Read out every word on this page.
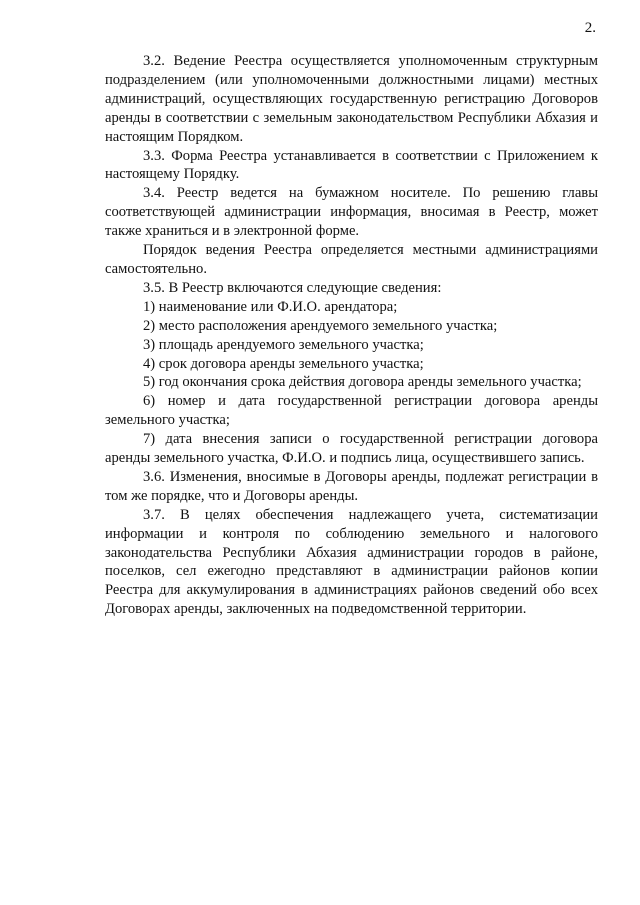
2.

3.2. Ведение Реестра осуществляется уполномоченным структурным подразделением (или уполномоченными должностными лицами) местных администраций, осуществляющих государственную регистрацию Договоров аренды в соответствии с земельным законодательством Республики Абхазия и настоящим Порядком.

3.3. Форма Реестра устанавливается в соответствии с Приложением к настоящему Порядку.

3.4. Реестр ведется на бумажном носителе. По решению главы соответствующей администрации информация, вносимая в Реестр, может также храниться и в электронной форме.

Порядок ведения Реестра определяется местными администрациями самостоятельно.

3.5. В Реестр включаются следующие сведения:

1) наименование или Ф.И.О. арендатора;

2) место расположения арендуемого земельного участка;

3) площадь арендуемого земельного участка;

4) срок договора аренды земельного участка;

5) год окончания срока действия договора аренды земельного участка;

6) номер и дата государственной регистрации договора аренды земельного участка;

7) дата внесения записи о государственной регистрации договора аренды земельного участка, Ф.И.О. и подпись лица, осуществившего запись.

3.6. Изменения, вносимые в Договоры аренды, подлежат регистрации в том же порядке, что и Договоры аренды.

3.7. В целях обеспечения надлежащего учета, систематизации информации и контроля по соблюдению земельного и налогового законодательства Республики Абхазия администрации городов в районе, поселков, сел ежегодно представляют в администрации районов копии Реестра для аккумулирования в администрациях районов сведений обо всех Договорах аренды, заключенных на подведомственной территории.
